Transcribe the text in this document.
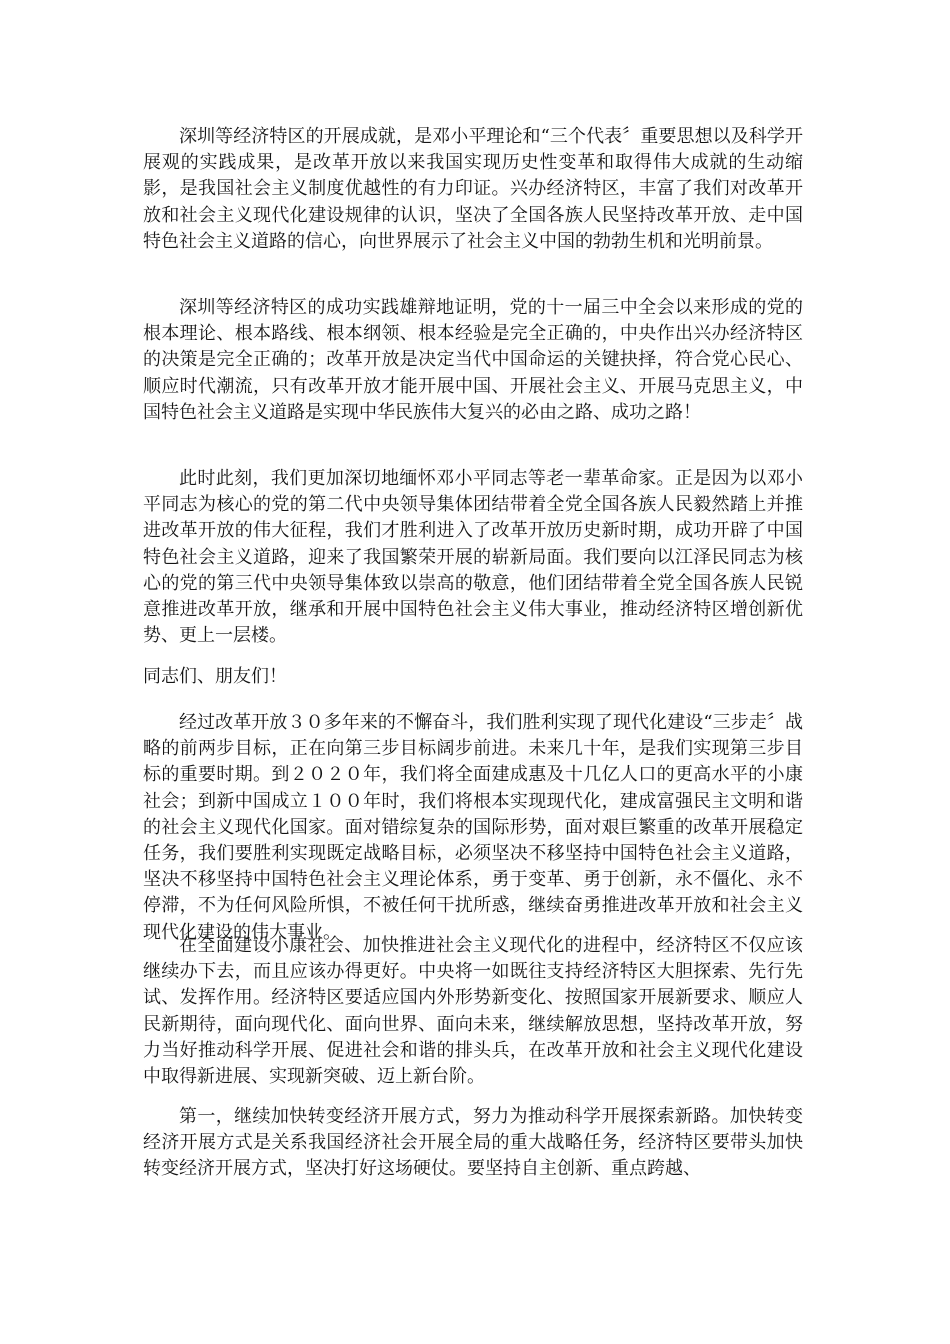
深圳等经济特区的开展成就，是邓小平理论和“三个代表〞重要思想以及科学开展观的实践成果，是改革开放以来我国实现历史性变革和取得伟大成就的生动缩影，是我国社会主义制度优越性的有力印证。兴办经济特区，丰富了我们对改革开放和社会主义现代化建设规律的认识，坚决了全国各族人民坚持改革开放、走中国特色社会主义道路的信心，向世界展示了社会主义中国的勃勃生机和光明前景。

深圳等经济特区的成功实践雄辩地证明，党的十一届三中全会以来形成的党的根本理论、根本路线、根本纲领、根本经验是完全正确的，中央作出兴办经济特区的决策是完全正确的；改革开放是决定当代中国命运的关键抉择，符合党心民心、顺应时代潮流，只有改革开放才能开展中国、开展社会主义、开展马克思主义，中国特色社会主义道路是实现中华民族伟大复兴的必由之路、成功之路！

此时此刻，我们更加深切地缅怀邓小平同志等老一辈革命家。正是因为以邓小平同志为核心的党的第二代中央领导集体团结带着全党全国各族人民毅然踏上并推进改革开放的伟大征程，我们才胜利进入了改革开放历史新时期，成功开辟了中国特色社会主义道路，迎来了我国繁荣开展的崭新局面。我们要向以江泽民同志为核心的党的第三代中央领导集体致以崇高的敬意，他们团结带着全党全国各族人民锐意推进改革开放，继承和开展中国特色社会主义伟大事业，推动经济特区增创新优势、更上一层楼。

同志们、朋友们！

经过改革开放３０多年来的不懈奋斗，我们胜利实现了现代化建设“三步走〞战略的前两步目标，正在向第三步目标阔步前进。未来几十年，是我们实现第三步目标的重要时期。到２０２０年，我们将全面建成惠及十几亿人口的更高水平的小康社会；到新中国成立１００年时，我们将根本实现现代化，建成富强民主文明和谐的社会主义现代化国家。面对错综复杂的国际形势，面对艰巨繁重的改革开展稳定任务，我们要胜利实现既定战略目标，必须坚决不移坚持中国特色社会主义道路，坚决不移坚持中国特色社会主义理论体系，勇于变革、勇于创新，永不僵化、永不停滞，不为任何风险所惧，不被任何干扰所惑，继续奋勇推进改革开放和社会主义现代化建设的伟大事业。

在全面建设小康社会、加快推进社会主义现代化的进程中，经济特区不仅应该继续办下去，而且应该办得更好。中央将一如既往支持经济特区大胆探索、先行先试、发挥作用。经济特区要适应国内外形势新变化、按照国家开展新要求、顺应人民新期待，面向现代化、面向世界、面向未来，继续解放思想，坚持改革开放，努力当好推动科学开展、促进社会和谐的排头兵，在改革开放和社会主义现代化建设中取得新进展、实现新突破、迈上新台阶。

第一，继续加快转变经济开展方式，努力为推动科学开展探索新路。加快转变经济开展方式是关系我国经济社会开展全局的重大战略任务，经济特区要带头加快转变经济开展方式，坚决打好这场硬仗。要坚持自主创新、重点跨越、
